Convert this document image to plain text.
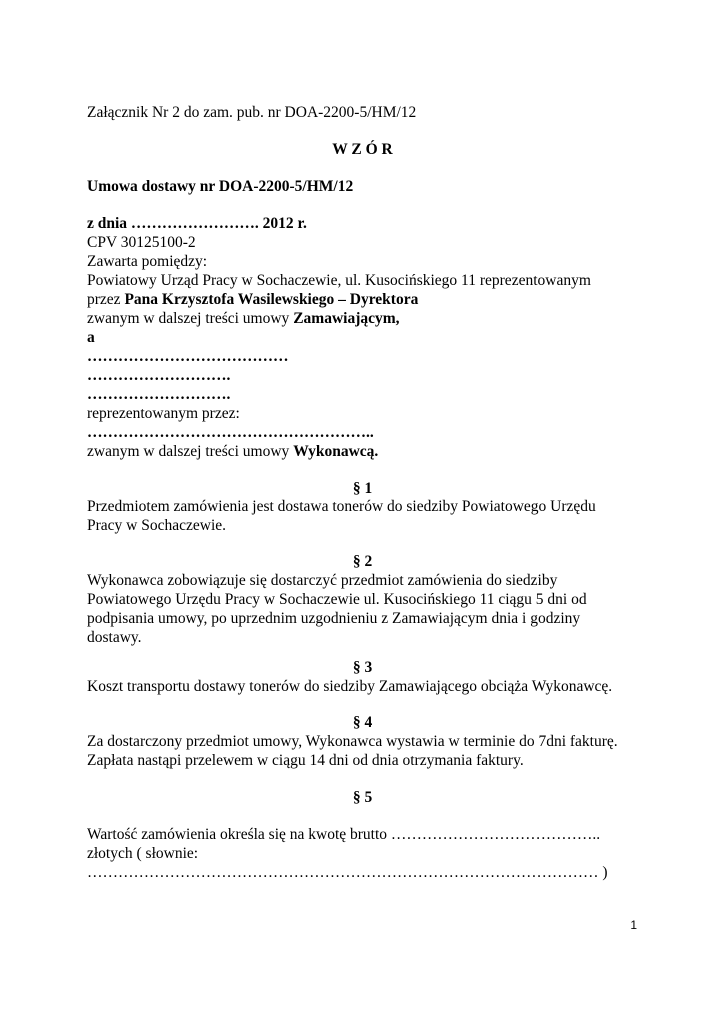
Załącznik Nr 2 do zam. pub. nr DOA-2200-5/HM/12
W Z Ó R
Umowa dostawy nr DOA-2200-5/HM/12
z dnia ……………………. 2012 r.
CPV 30125100-2
Zawarta pomiędzy:
Powiatowy Urząd Pracy w Sochaczewie, ul. Kusocińskiego 11 reprezentowanym
przez Pana Krzysztofa Wasilewskiego – Dyrektora
zwanym w dalszej treści umowy Zamawiającym,
a
…………………………………
……………………….
……………………….
reprezentowanym przez:
………………………………………………..
zwanym w dalszej treści umowy Wykonawcą.
§ 1
Przedmiotem zamówienia jest dostawa tonerów do siedziby Powiatowego Urzędu
Pracy w Sochaczewie.
§ 2
Wykonawca zobowiązuje się dostarczyć przedmiot zamówienia do siedziby
Powiatowego Urzędu Pracy w Sochaczewie ul. Kusocińskiego 11 ciągu 5 dni od
podpisania umowy, po uprzednim uzgodnieniu z Zamawiającym dnia i godziny
dostawy.
§ 3
Koszt transportu dostawy tonerów do siedziby Zamawiającego obciąża Wykonawcę.
§ 4
Za dostarczony przedmiot umowy, Wykonawca wystawia w terminie do 7dni fakturę.
Zapłata nastąpi przelewem w ciągu 14 dni od dnia otrzymania faktury.
§ 5
Wartość zamówienia określa się na kwotę brutto …………………………………..
złotych ( słownie:
……………………………………………………………………………………… )
1
